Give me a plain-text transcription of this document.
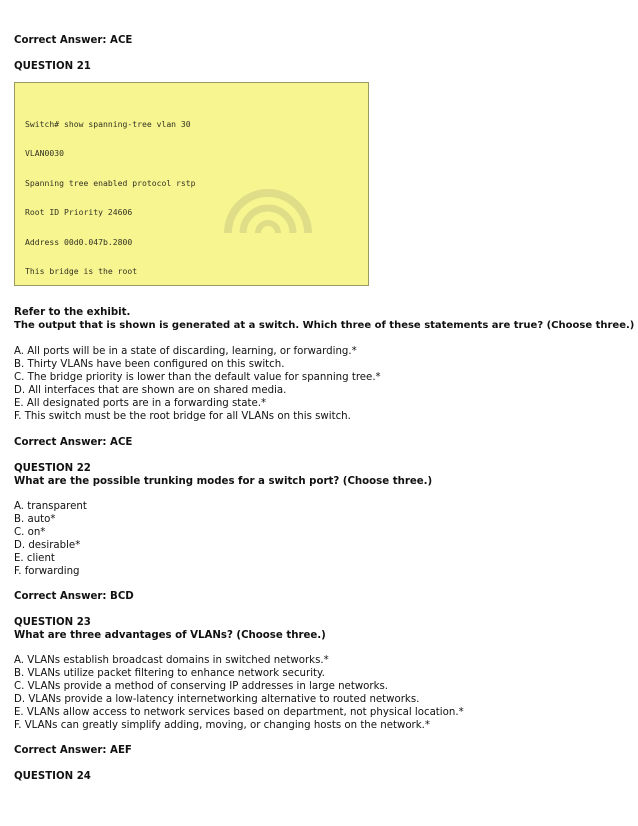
Correct Answer: ACE
QUESTION 21

Switch# show spanning-tree vlan 30

VLAN0030

Spanning tree enabled protocol rstp

Root ID Priority 24606

Address 00d0.047b.2800

This bridge is the root

Refer to the exhibit.
The output that is shown is generated at a switch. Which three of these statements are true? (Choose three.)
A. All ports will be in a state of discarding, learning, or forwarding.*
B. Thirty VLANs have been configured on this switch.
C. The bridge priority is lower than the default value for spanning tree.*
D. All interfaces that are shown are on shared media.
E. All designated ports are in a forwarding state.*
F. This switch must be the root bridge for all VLANs on this switch.
Correct Answer: ACE
QUESTION 22
What are the possible trunking modes for a switch port? (Choose three.)
A. transparent
B. auto*
C. on*
D. desirable*
E. client
F. forwarding
Correct Answer: BCD
QUESTION 23
What are three advantages of VLANs? (Choose three.)
A. VLANs establish broadcast domains in switched networks.*
B. VLANs utilize packet filtering to enhance network security.
C. VLANs provide a method of conserving IP addresses in large networks.
D. VLANs provide a low-latency internetworking alternative to routed networks.
E. VLANs allow access to network services based on department, not physical location.*
F. VLANs can greatly simplify adding, moving, or changing hosts on the network.*
Correct Answer: AEF
QUESTION 24
